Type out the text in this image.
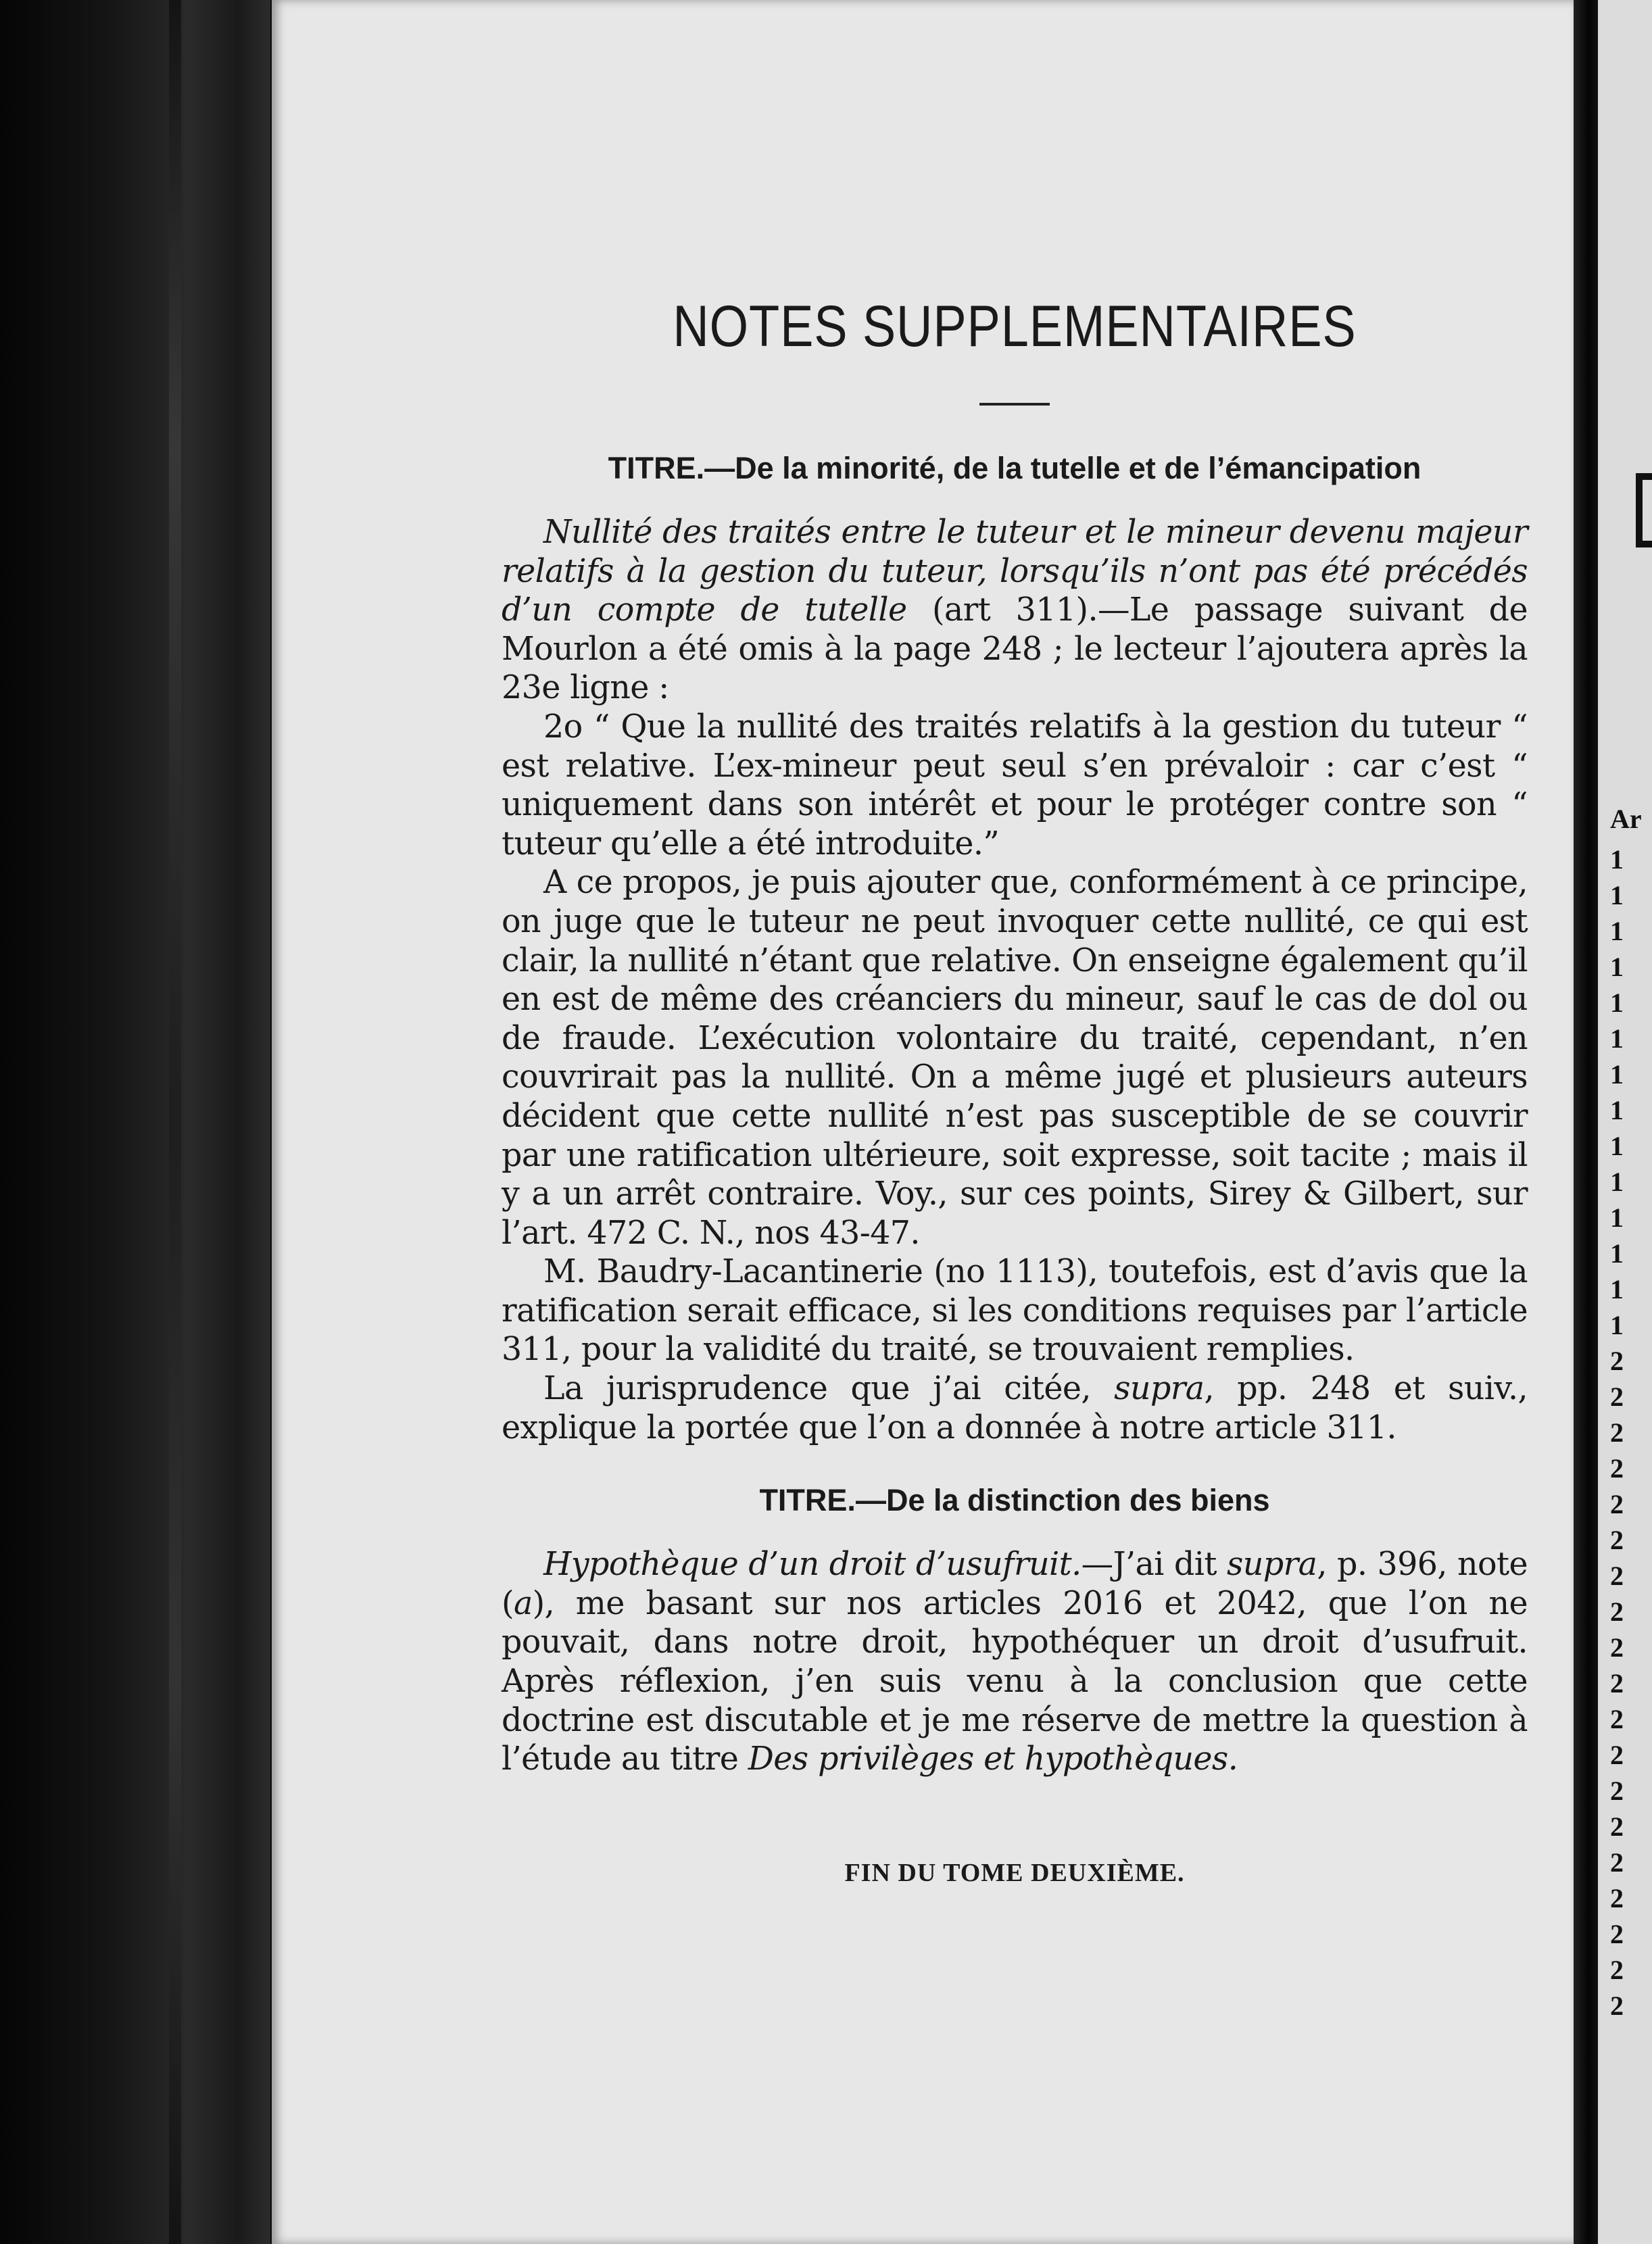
Ar
1
1
1
1
1
1
1
1
1
1
1
1
1
1
2
2
2
2
2
2
2
2
2
2
2
2
2
2
2
2
2
2
2
NOTES SUPPLEMENTAIRES
TITRE.—De la minorité, de la tutelle et de l’émancipation

Nullité des traités entre le tuteur et le mineur devenu majeur relatifs à la gestion du tuteur, lorsqu’ils n’ont pas été précédés d’un compte de tutelle (art 311).—Le passage suivant de Mourlon a été omis à la page 248 ; le lecteur l’ajoutera après la 23e ligne :

2o “ Que la nullité des traités relatifs à la gestion du tuteur “ est relative. L’ex-mineur peut seul s’en prévaloir : car c’est “ uniquement dans son intérêt et pour le protéger contre son “ tuteur qu’elle a été introduite.”

A ce propos, je puis ajouter que, conformément à ce principe, on juge que le tuteur ne peut invoquer cette nullité, ce qui est clair, la nullité n’étant que relative. On enseigne également qu’il en est de même des créanciers du mineur, sauf le cas de dol ou de fraude. L’exécution volontaire du traité, cependant, n’en couvrirait pas la nullité. On a même jugé et plusieurs auteurs décident que cette nullité n’est pas susceptible de se couvrir par une ratification ultérieure, soit expresse, soit tacite ; mais il y a un arrêt contraire. Voy., sur ces points, Sirey & Gilbert, sur l’art. 472 C. N., nos 43-47.

M. Baudry-Lacantinerie (no 1113), toutefois, est d’avis que la ratification serait efficace, si les conditions requises par l’article 311, pour la validité du traité, se trouvaient remplies.

La jurisprudence que j’ai citée, supra, pp. 248 et suiv., explique la portée que l’on a donnée à notre article 311.

TITRE.—De la distinction des biens

Hypothèque d’un droit d’usufruit.—J’ai dit supra, p. 396, note (a), me basant sur nos articles 2016 et 2042, que l’on ne pouvait, dans notre droit, hypothéquer un droit d’usufruit. Après réflexion, j’en suis venu à la conclusion que cette doctrine est discutable et je me réserve de mettre la question à l’étude au titre Des privilèges et hypothèques.

FIN DU TOME DEUXIÈME.
